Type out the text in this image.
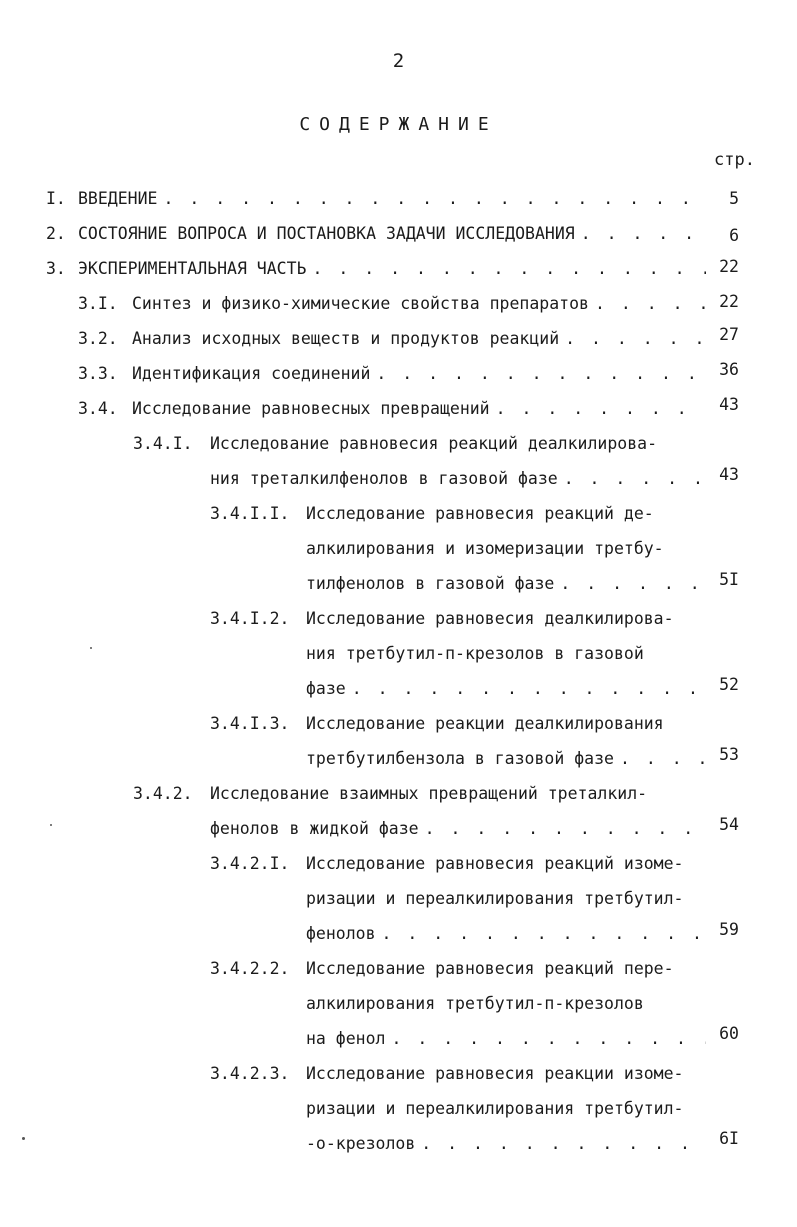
2
СОДЕРЖАНИЕ
стр.
I. ВВЕДЕНИЕ . . .	5
2. СОСТОЯНИЕ ВОПРОСА И ПОСТАНОВКА ЗАДАЧИ ИССЛЕДОВАНИЯ . . .	6
3. ЭКСПЕРИМЕНТАЛЬНАЯ ЧАСТЬ . . .	22
3.I. Синтез и физико-химические свойства препаратов . . .	22
3.2. Анализ исходных веществ и продуктов реакций . . .	27
3.3. Идентификация соединений . . .	36
3.4. Исследование равновесных превращений . . .	43
3.4.I. Исследование равновесия реакций деалкилирова-
ния треталкилфенолов в газовой фазе . . .	43
3.4.I.I. Исследование равновесия реакций де-
алкилирования и изомеризации третбу-
тилфенолов в газовой фазе . . .	5I
3.4.I.2. Исследование равновесия деалкилирова-
ния третбутил-п-крезолов в газовой
фазе . . .	52
3.4.I.3. Исследование реакции деалкилирования
третбутилбензола в газовой фазе . . .	53
3.4.2. Исследование взаимных превращений треталкил-
фенолов в жидкой фазе . . .	54
3.4.2.I. Исследование равновесия реакций изоме-
ризации и переалкилирования третбутил-
фенолов . . .	59
3.4.2.2. Исследование равновесия реакций пере-
алкилирования третбутил-п-крезолов
на фенол . . .	60
3.4.2.3. Исследование равновесия реакции изоме-
ризации и переалкилирования третбутил-
-о-крезолов . . .	6I
